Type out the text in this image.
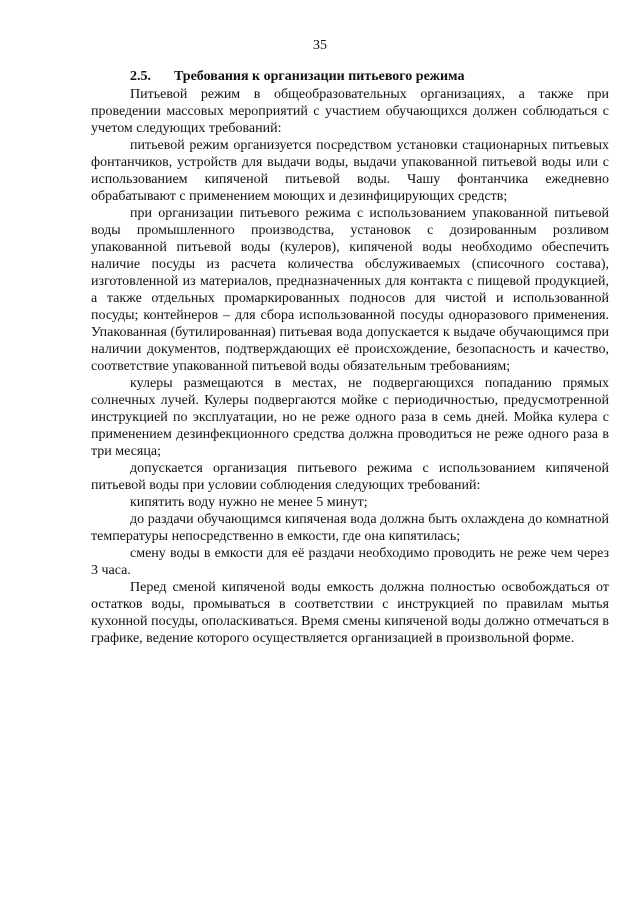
35
2.5. Требования к организации питьевого режима

Питьевой режим в общеобразовательных организациях, а также при проведении массовых мероприятий с участием обучающихся должен соблюдаться с учетом следующих требований:

питьевой режим организуется посредством установки стационарных питьевых фонтанчиков, устройств для выдачи воды, выдачи упакованной питьевой воды или с использованием кипяченой питьевой воды. Чашу фонтанчика ежедневно обрабатывают с применением моющих и дезинфицирующих средств;

при организации питьевого режима с использованием упакованной питьевой воды промышленного производства, установок с дозированным розливом упакованной питьевой воды (кулеров), кипяченой воды необходимо обеспечить наличие посуды из расчета количества обслуживаемых (списочного состава), изготовленной из материалов, предназначенных для контакта с пищевой продукцией, а также отдельных промаркированных подносов для чистой и использованной посуды; контейнеров – для сбора использованной посуды одноразового применения. Упакованная (бутилированная) питьевая вода допускается к выдаче обучающимся при наличии документов, подтверждающих её происхождение, безопасность и качество, соответствие упакованной питьевой воды обязательным требованиям;

кулеры размещаются в местах, не подвергающихся попаданию прямых солнечных лучей. Кулеры подвергаются мойке с периодичностью, предусмотренной инструкцией по эксплуатации, но не реже одного раза в семь дней. Мойка кулера с применением дезинфекционного средства должна проводиться не реже одного раза в три месяца;

допускается организация питьевого режима с использованием кипяченой питьевой воды при условии соблюдения следующих требований:

кипятить воду нужно не менее 5 минут;

до раздачи обучающимся кипяченая вода должна быть охлаждена до комнатной температуры непосредственно в емкости, где она кипятилась;

смену воды в емкости для её раздачи необходимо проводить не реже чем через 3 часа.

Перед сменой кипяченой воды емкость должна полностью освобождаться от остатков воды, промываться в соответствии с инструкцией по правилам мытья кухонной посуды, ополаскиваться. Время смены кипяченой воды должно отмечаться в графике, ведение которого осуществляется организацией в произвольной форме.
